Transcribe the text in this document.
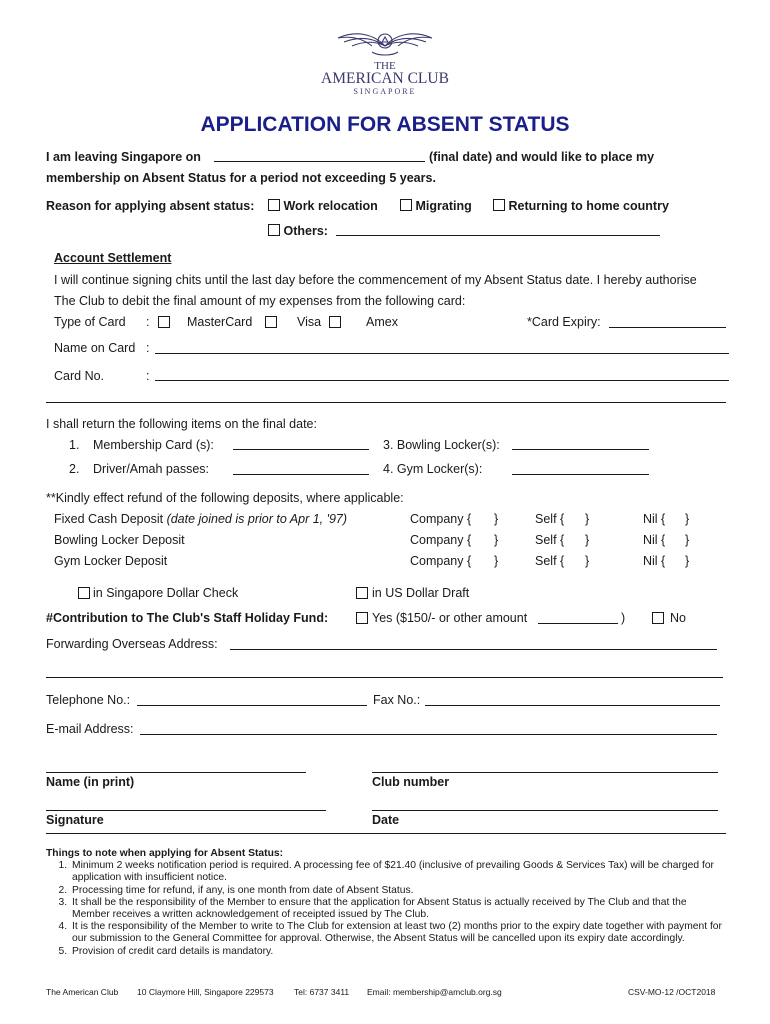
THE
AMERICAN CLUB
SINGAPORE
APPLICATION FOR ABSENT STATUS
I am leaving Singapore on	(final date) and would like to place my
membership on Absent Status for a period not exceeding 5 years.
Reason for applying absent status:	Work relocation	Migrating	Returning to home country
Others:
Account Settlement
I will continue signing chits until the last day before the commencement of my Absent Status date. I hereby authorise
The Club to debit the final amount of my expenses from the following card:
Type of Card :	MasterCard	Visa	Amex	*Card Expiry:
Name on Card :
Card No.	:
I shall return the following items on the final date:
1. Membership Card (s):	3. Bowling Locker(s):
2. Driver/Amah passes:	4. Gym Locker(s):
**Kindly effect refund of the following deposits, where applicable:
Fixed Cash Deposit (date joined is prior to Apr 1, '97)	Company { }	Self { }	Nil { }
Bowling Locker Deposit	Company { }	Self { }	Nil { }
Gym Locker Deposit	Company { }	Self { }	Nil { }
in Singapore Dollar Check	in US Dollar Draft
#Contribution to The Club's Staff Holiday Fund:	Yes ($150/- or other amount	)	No
Forwarding Overseas Address:
Telephone No.:	Fax No.:
E-mail Address:
Name (in print)	Club number
Signature	Date
Things to note when applying for Absent Status:
1. Minimum 2 weeks notification period is required. A processing fee of $21.40 (inclusive of prevailing Goods & Services Tax) will be charged for application with insufficient notice.
2. Processing time for refund, if any, is one month from date of Absent Status.
3. It shall be the responsibility of the Member to ensure that the application for Absent Status is actually received by The Club and that the Member receives a written acknowledgement of receipted issued by The Club.
4. It is the responsibility of the Member to write to The Club for extension at least two (2) months prior to the expiry date together with payment for our submission to the General Committee for approval. Otherwise, the Absent Status will be cancelled upon its expiry date accordingly.
5. Provision of credit card details is mandatory.
The American Club 10 Claymore Hill, Singapore 229573 Tel: 6737 3411 Email: membership@amclub.org.sg	CSV-MO-12 /OCT2018
